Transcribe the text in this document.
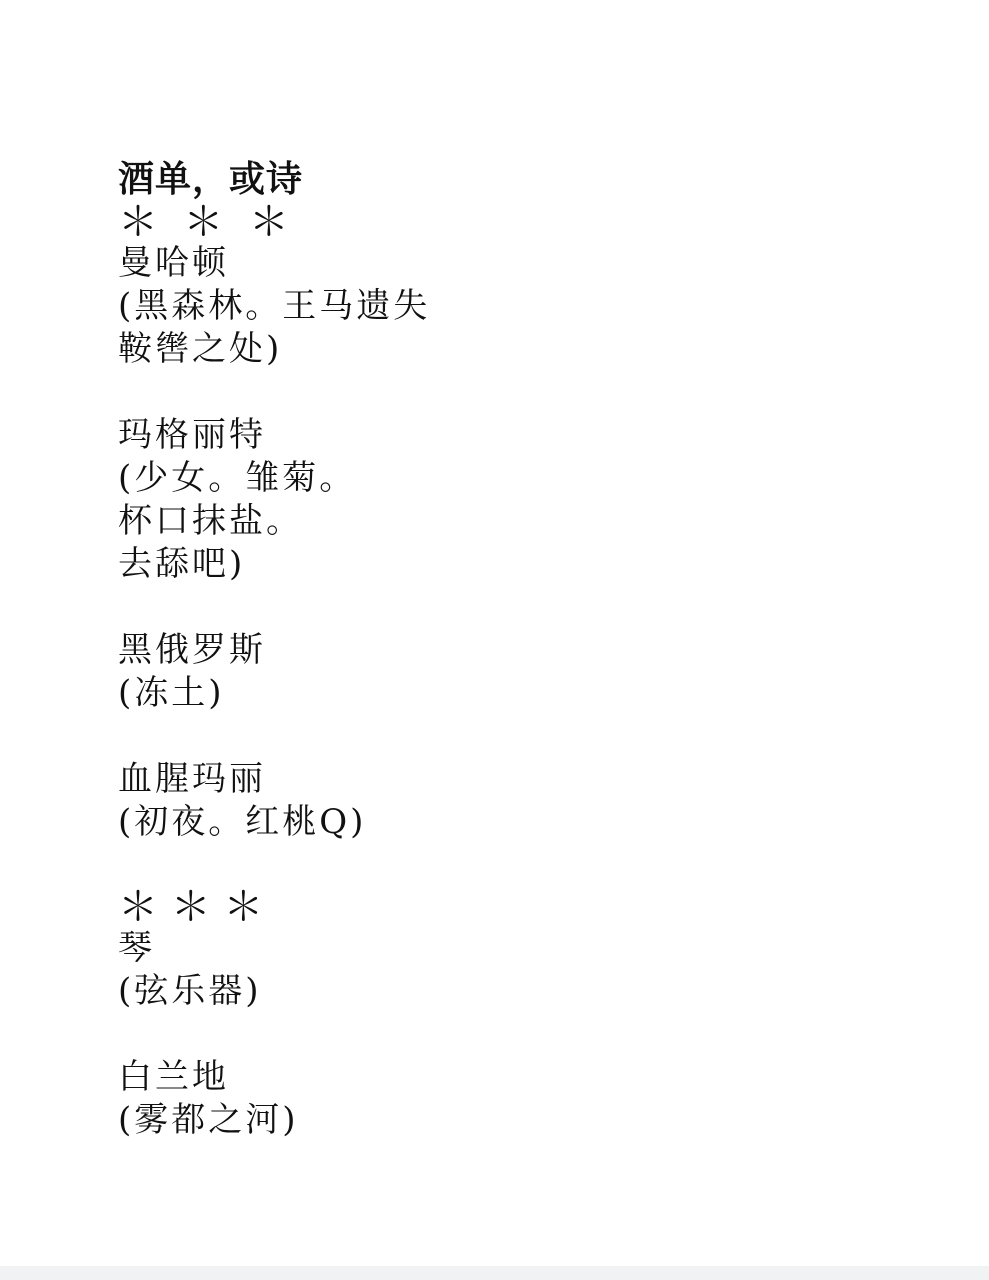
酒单，或诗
＊  ＊  ＊
曼哈顿
(黑森林。王马遗失
鞍辔之处)
玛格丽特
(少女。雏菊。
杯口抹盐。
去舔吧)
黑俄罗斯
(冻土)
血腥玛丽
(初夜。红桃Q)
＊ ＊ ＊
琴
(弦乐器)
白兰地
(雾都之河)
